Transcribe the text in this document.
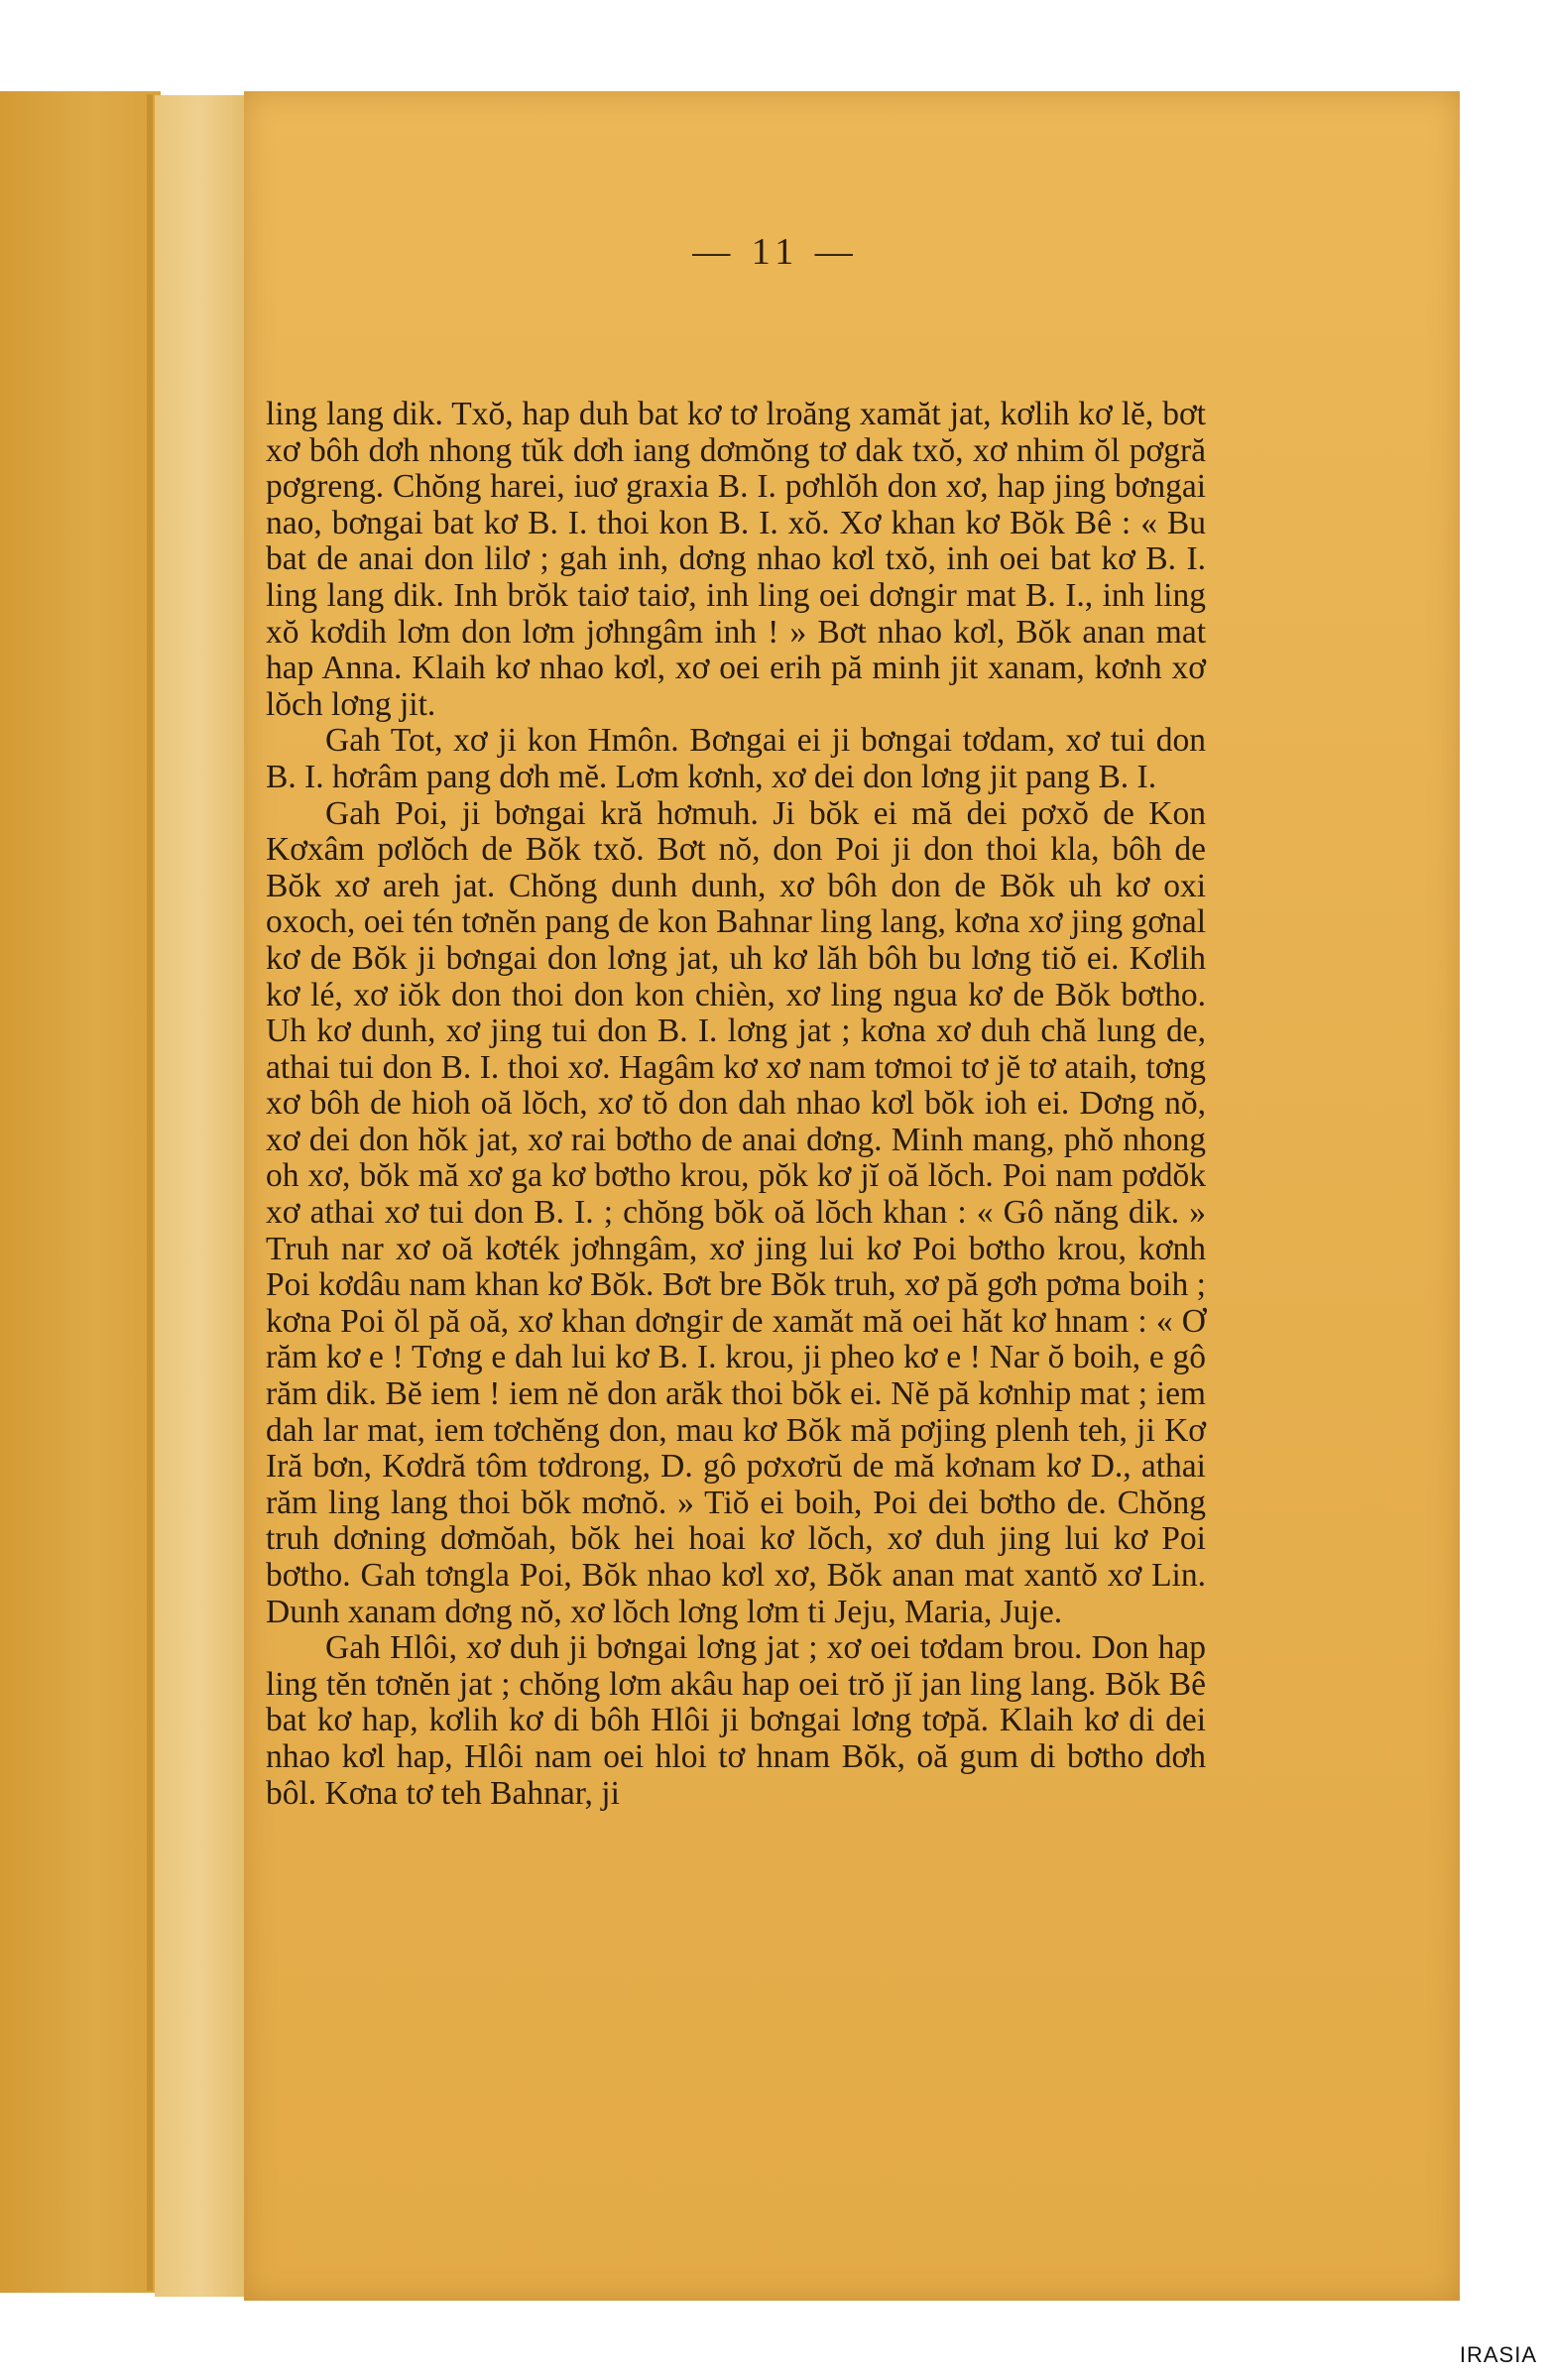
— 11 —

ling lang dik. Txŏ, hap duh bat kơ tơ lroăng xamăt jat, kơlih kơ lĕ, bơt xơ bôh dơh nhong tŭk dơh iang dơmŏng tơ dak txŏ, xơ nhim ŏl pơgră pơgreng. Chŏng harei, iuơ graxia B. I. pơhlŏh don xơ, hap jing bơngai nao, bơngai bat kơ B. I. thoi kon B. I. xŏ. Xơ khan kơ Bŏk Bê : « Bu bat de anai don lilơ ; gah inh, dơng nhao kơl txŏ, inh oei bat kơ B. I. ling lang dik. Inh brŏk taiơ taiơ, inh ling oei dơngir mat B. I., inh ling xŏ kơdih lơm don lơm jơhngâm inh ! » Bơt nhao kơl, Bŏk anan mat hap Anna. Klaih kơ nhao kơl, xơ oei erih pă minh jit xanam, kơnh xơ lŏch lơng jit.

Gah Tot, xơ ji kon Hmôn. Bơngai ei ji bơngai tơdam, xơ tui don B. I. hơrâm pang dơh mĕ. Lơm kơnh, xơ dei don lơng jit pang B. I.

Gah Poi, ji bơngai kră hơmuh. Ji bŏk ei mă dei pơxŏ de Kon Kơxâm pơlŏch de Bŏk txŏ. Bơt nŏ, don Poi ji don thoi kla, bôh de Bŏk xơ areh jat. Chŏng dunh dunh, xơ bôh don de Bŏk uh kơ oxi oxoch, oei tén tơnĕn pang de kon Bahnar ling lang, kơna xơ jing gơnal kơ de Bŏk ji bơngai don lơng jat, uh kơ lăh bôh bu lơng tiŏ ei. Kơlih kơ lé, xơ iŏk don thoi don kon chièn, xơ ling ngua kơ de Bŏk bơtho. Uh kơ dunh, xơ jing tui don B. I. lơng jat ; kơna xơ duh chă lung de, athai tui don B. I. thoi xơ. Hagâm kơ xơ nam tơmoi tơ jĕ tơ ataih, tơng xơ bôh de hioh oă lŏch, xơ tŏ don dah nhao kơl bŏk ioh ei. Dơng nŏ, xơ dei don hŏk jat, xơ rai bơtho de anai dơng. Minh mang, phŏ nhong oh xơ, bŏk mă xơ ga kơ bơtho krou, pŏk kơ jĭ oă lŏch. Poi nam pơdŏk xơ athai xơ tui don B. I. ; chŏng bŏk oă lŏch khan : « Gô năng dik. » Truh nar xơ oă kơték jơhngâm, xơ jing lui kơ Poi bơtho krou, kơnh Poi kơdâu nam khan kơ Bŏk. Bơt bre Bŏk truh, xơ pă gơh pơma boih ; kơna Poi ŏl pă oă, xơ khan dơngir de xamăt mă oei hăt kơ hnam : « Ơ răm kơ e ! Tơng e dah lui kơ B. I. krou, ji pheo kơ e ! Nar ŏ boih, e gô răm dik. Bĕ iem ! iem nĕ don arăk thoi bŏk ei. Nĕ pă kơnhip mat ; iem dah lar mat, iem tơchĕng don, mau kơ Bŏk mă pơjing plenh teh, ji Kơ Iră bơn, Kơdră tôm tơdrong, D. gô pơxơrŭ de mă kơnam kơ D., athai răm ling lang thoi bŏk mơnŏ. » Tiŏ ei boih, Poi dei bơtho de. Chŏng truh dơning dơmŏah, bŏk hei hoai kơ lŏch, xơ duh jing lui kơ Poi bơtho. Gah tơngla Poi, Bŏk nhao kơl xơ, Bŏk anan mat xantŏ xơ Lin. Dunh xanam dơng nŏ, xơ lŏch lơng lơm ti Jeju, Maria, Juje.

Gah Hlôi, xơ duh ji bơngai lơng jat ; xơ oei tơdam brou. Don hap ling tĕn tơnĕn jat ; chŏng lơm akâu hap oei trŏ jĭ jan ling lang. Bŏk Bê bat kơ hap, kơlih kơ di bôh Hlôi ji bơngai lơng tơpă. Klaih kơ di dei nhao kơl hap, Hlôi nam oei hloi tơ hnam Bŏk, oă gum di bơtho dơh bôl. Kơna tơ teh Bahnar, ji

IRASIA
